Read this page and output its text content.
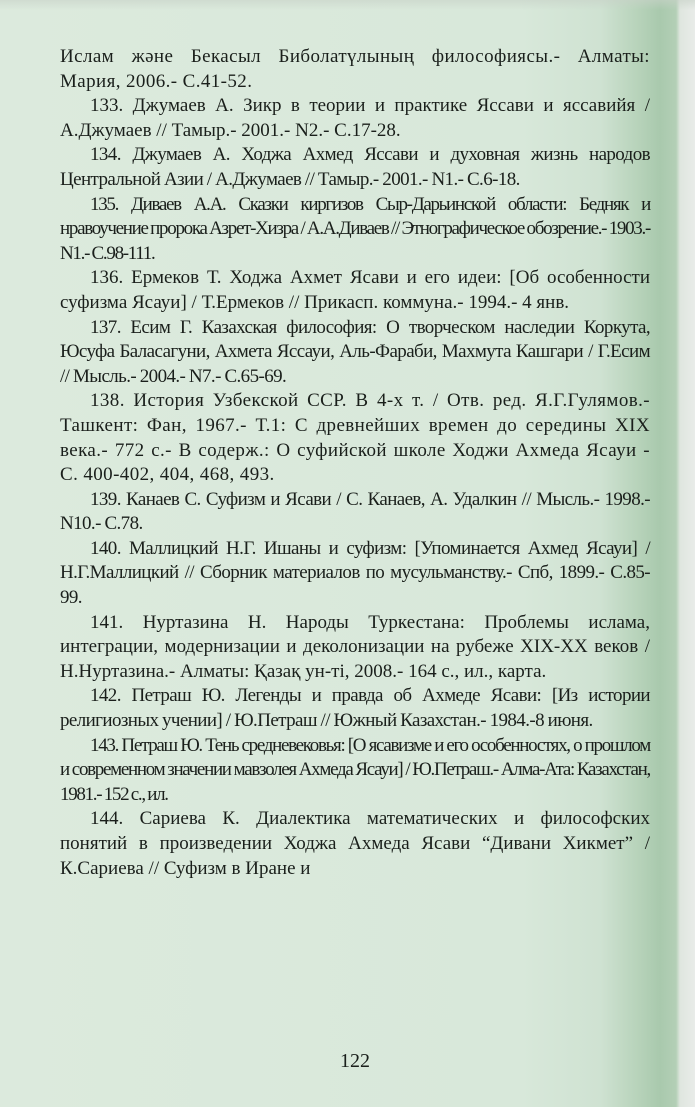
Ислам жəне Бекасыл Биболатүлының философиясы.- Алматы: Мария, 2006.- С.41-52.

133. Джумаев А. Зикр в теории и практике Яссави и яссавийя / А.Джумаев // Тамыр.- 2001.- N2.- С.17-28.

134. Джумаев А. Ходжа Ахмед Яссави и духовная жизнь народов Центральной Азии / А.Джумаев // Тамыр.- 2001.- N1.- С.6-18.

135. Диваев А.А. Сказки киргизов Сыр-Дарьинской области: Бедняк и нравоучение пророка Азрет-Хизра / А.А.Диваев // Этнографическое обозрение.- 1903.- N1.- С.98-111.

136. Ермеков Т. Ходжа Ахмет Ясави и его идеи: [Об особенности суфизма Ясауи] / Т.Ермеков // Прикасп. коммуна.- 1994.- 4 янв.

137. Есим Г. Казахская философия: О творческом наследии Коркута, Юсуфа Баласагуни, Ахмета Яссауи, Аль-Фараби, Махмута Кашгари / Г.Есим // Мысль.- 2004.- N7.- С.65-69.

138. История Узбекской ССР. В 4-х т. / Отв. ред. Я.Г.Гулямов.- Ташкент: Фан, 1967.- Т.1: С древнейших времен до середины XIX века.- 772 с.- В содерж.: О суфийской школе Ходжи Ахмеда Ясауи - С. 400-402, 404, 468, 493.

139. Канаев С. Суфизм и Ясави / С. Канаев, А. Удалкин // Мысль.- 1998.- N10.- С.78.

140. Маллицкий Н.Г. Ишаны и суфизм: [Упоминается Ахмед Ясауи] / Н.Г.Маллицкий // Сборник материалов по мусульманству.- Спб, 1899.- С.85-99.

141. Нуртазина Н. Народы Туркестана: Проблемы ислама, интеграции, модернизации и деколонизации на рубеже XIX-XX веков / Н.Нуртазина.- Алматы: Қазақ ун-ті, 2008.- 164 с., ил., карта.

142. Петраш Ю. Легенды и правда об Ахмеде Ясави: [Из истории религиозных учении] / Ю.Петраш // Южный Казахстан.- 1984.-8 июня.

143. Петраш Ю. Тень средневековья: [О ясавизме и его особенностях, о прошлом и современном значении мавзолея Ахмеда Ясауи] / Ю.Петраш.- Алма-Ата: Казахстан, 1981.- 152 с., ил.

144. Сариева К. Диалектика математических и философских понятий в произведении Ходжа Ахмеда Ясави “Дивани Хикмет” / К.Сариева // Суфизм в Иране и

122
